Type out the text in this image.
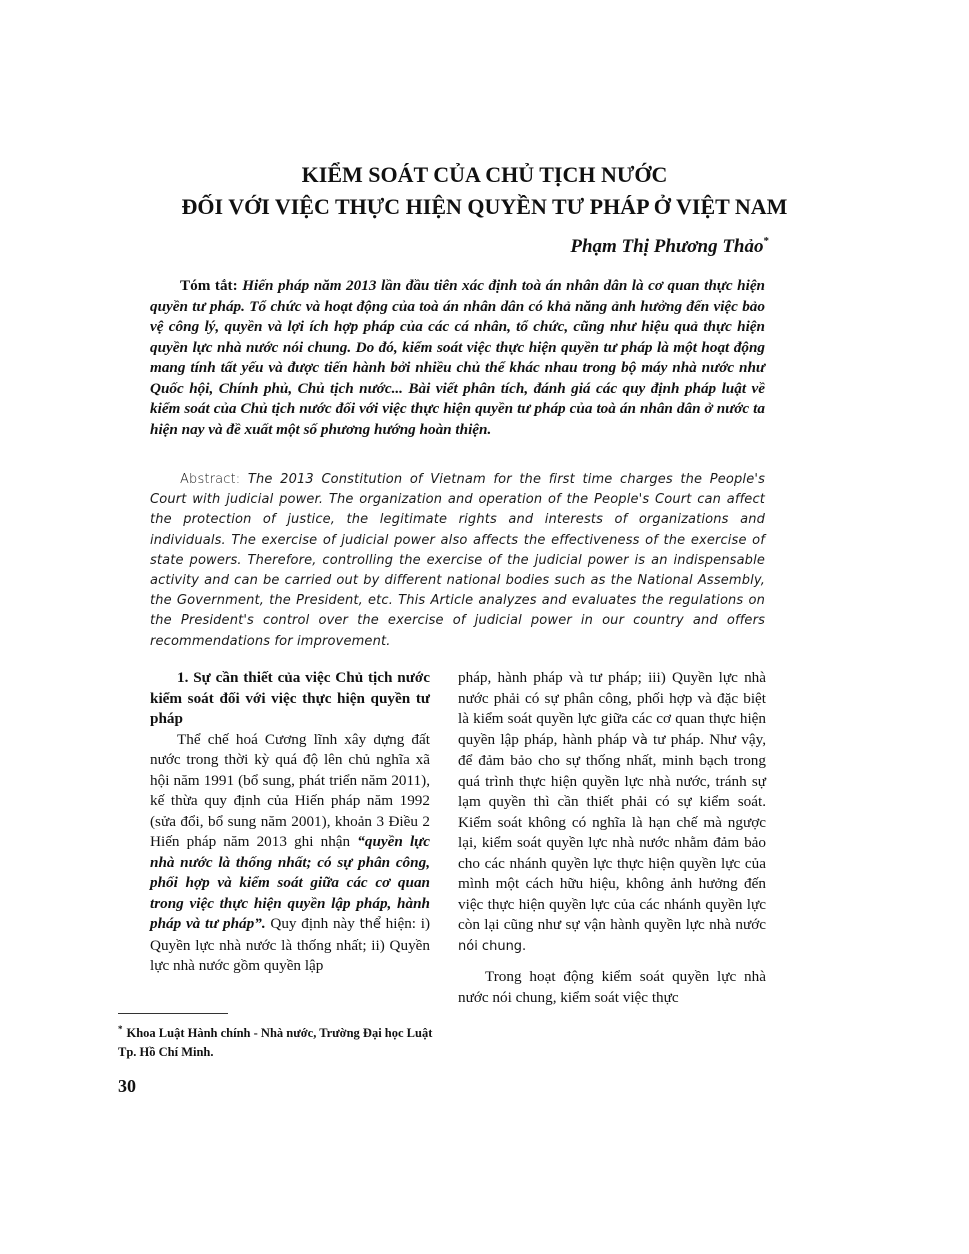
KIỂM SOÁT CỦA CHỦ TỊCH NƯỚC
ĐỐI VỚI VIỆC THỰC HIỆN QUYỀN TƯ PHÁP Ở VIỆT NAM

Phạm Thị Phương Thảo*

Tóm tắt: Hiến pháp năm 2013 lần đầu tiên xác định toà án nhân dân là cơ quan thực hiện quyền tư pháp. Tổ chức và hoạt động của toà án nhân dân có khả năng ảnh hưởng đến việc bảo vệ công lý, quyền và lợi ích hợp pháp của các cá nhân, tổ chức, cũng như hiệu quả thực hiện quyền lực nhà nước nói chung. Do đó, kiểm soát việc thực hiện quyền tư pháp là một hoạt động mang tính tất yếu và được tiến hành bởi nhiều chủ thể khác nhau trong bộ máy nhà nước như Quốc hội, Chính phủ, Chủ tịch nước... Bài viết phân tích, đánh giá các quy định pháp luật về kiểm soát của Chủ tịch nước đối với việc thực hiện quyền tư pháp của toà án nhân dân ở nước ta hiện nay và đề xuất một số phương hướng hoàn thiện.

Abstract: The 2013 Constitution of Vietnam for the first time charges the People's Court with judicial power. The organization and operation of the People's Court can affect the protection of justice, the legitimate rights and interests of organizations and individuals. The exercise of judicial power also affects the effectiveness of the exercise of state powers. Therefore, controlling the exercise of the judicial power is an indispensable activity and can be carried out by different national bodies such as the National Assembly, the Government, the President, etc. This Article analyzes and evaluates the regulations on the President's control over the exercise of judicial power in our country and offers recommendations for improvement.

1. Sự cần thiết của việc Chủ tịch nước kiểm soát đối với việc thực hiện quyền tư pháp

Thể chế hoá Cương lĩnh xây dựng đất nước trong thời kỳ quá độ lên chủ nghĩa xã hội năm 1991 (bổ sung, phát triển năm 2011), kế thừa quy định của Hiến pháp năm 1992 (sửa đổi, bổ sung năm 2001), khoản 3 Điều 2 Hiến pháp năm 2013 ghi nhận “quyền lực nhà nước là thống nhất; có sự phân công, phối hợp và kiểm soát giữa các cơ quan trong việc thực hiện quyền lập pháp, hành pháp và tư pháp”. Quy định này thể hiện: i) Quyền lực nhà nước là thống nhất; ii) Quyền lực nhà nước gồm quyền lập

pháp, hành pháp và tư pháp; iii) Quyền lực nhà nước phải có sự phân công, phối hợp và đặc biệt là kiểm soát quyền lực giữa các cơ quan thực hiện quyền lập pháp, hành pháp và tư pháp. Như vậy, để đảm bảo cho sự thống nhất, minh bạch trong quá trình thực hiện quyền lực nhà nước, tránh sự lạm quyền thì cần thiết phải có sự kiểm soát. Kiểm soát không có nghĩa là hạn chế mà ngược lại, kiểm soát quyền lực nhà nước nhằm đảm bảo cho các nhánh quyền lực thực hiện quyền lực của mình một cách hữu hiệu, không ảnh hưởng đến việc thực hiện quyền lực của các nhánh quyền lực còn lại cũng như sự vận hành quyền lực nhà nước nói chung.

Trong hoạt động kiểm soát quyền lực nhà nước nói chung, kiểm soát việc thực

* Khoa Luật Hành chính - Nhà nước, Trường Đại học Luật Tp. Hồ Chí Minh.

30
